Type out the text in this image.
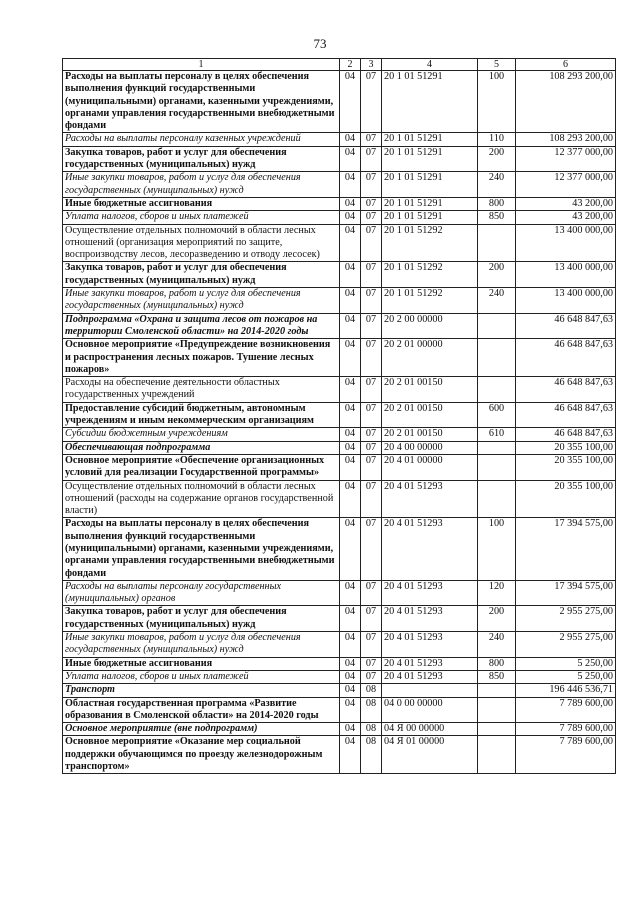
73
1	2	3	4	5	6
Расходы на выплаты персоналу в целях обеспечения выполнения функций государственными (муниципальными) органами, казенными учреждениями, органами управления государственными внебюджетными фондами	04	07	20 1 01 51291	100	108 293 200,00
Расходы на выплаты персоналу казенных учреждений	04	07	20 1 01 51291	110	108 293 200,00
Закупка товаров, работ и услуг для обеспечения государственных (муниципальных) нужд	04	07	20 1 01 51291	200	12 377 000,00
Иные закупки товаров, работ и услуг для обеспечения государственных (муниципальных) нужд	04	07	20 1 01 51291	240	12 377 000,00
Иные бюджетные ассигнования	04	07	20 1 01 51291	800	43 200,00
Уплата налогов, сборов и иных платежей	04	07	20 1 01 51291	850	43 200,00
Осуществление отдельных полномочий в области лесных отношений (организация мероприятий по защите, воспроизводству лесов, лесоразведению и отводу лесосек)	04	07	20 1 01 51292		13 400 000,00
Закупка товаров, работ и услуг для обеспечения государственных (муниципальных) нужд	04	07	20 1 01 51292	200	13 400 000,00
Иные закупки товаров, работ и услуг для обеспечения государственных (муниципальных) нужд	04	07	20 1 01 51292	240	13 400 000,00
Подпрограмма «Охрана и защита лесов от пожаров на территории Смоленской области» на 2014-2020 годы	04	07	20 2 00 00000		46 648 847,63
Основное мероприятие «Предупреждение возникновения и распространения лесных пожаров. Тушение лесных пожаров»	04	07	20 2 01 00000		46 648 847,63
Расходы на обеспечение деятельности областных государственных учреждений	04	07	20 2 01 00150		46 648 847,63
Предоставление субсидий бюджетным, автономным учреждениям и иным некоммерческим организациям	04	07	20 2 01 00150	600	46 648 847,63
Субсидии бюджетным учреждениям	04	07	20 2 01 00150	610	46 648 847,63
Обеспечивающая подпрограмма	04	07	20 4 00 00000		20 355 100,00
Основное мероприятие «Обеспечение организационных условий для реализации Государственной программы»	04	07	20 4 01 00000		20 355 100,00
Осуществление отдельных полномочий в области лесных отношений (расходы на содержание органов государственной власти)	04	07	20 4 01 51293		20 355 100,00
Расходы на выплаты персоналу в целях обеспечения выполнения функций государственными (муниципальными) органами, казенными учреждениями, органами управления государственными внебюджетными фондами	04	07	20 4 01 51293	100	17 394 575,00
Расходы на выплаты персоналу государственных (муниципальных) органов	04	07	20 4 01 51293	120	17 394 575,00
Закупка товаров, работ и услуг для обеспечения государственных (муниципальных) нужд	04	07	20 4 01 51293	200	2 955 275,00
Иные закупки товаров, работ и услуг для обеспечения государственных (муниципальных) нужд	04	07	20 4 01 51293	240	2 955 275,00
Иные бюджетные ассигнования	04	07	20 4 01 51293	800	5 250,00
Уплата налогов, сборов и иных платежей	04	07	20 4 01 51293	850	5 250,00
Транспорт	04	08			196 446 536,71
Областная государственная программа «Развитие образования в Смоленской области» на 2014-2020 годы	04	08	04 0 00 00000		7 789 600,00
Основное мероприятие (вне подпрограмм)	04	08	04 Я 00 00000		7 789 600,00
Основное мероприятие «Оказание мер социальной поддержки обучающимся по проезду железнодорожным транспортом»	04	08	04 Я 01 00000		7 789 600,00
